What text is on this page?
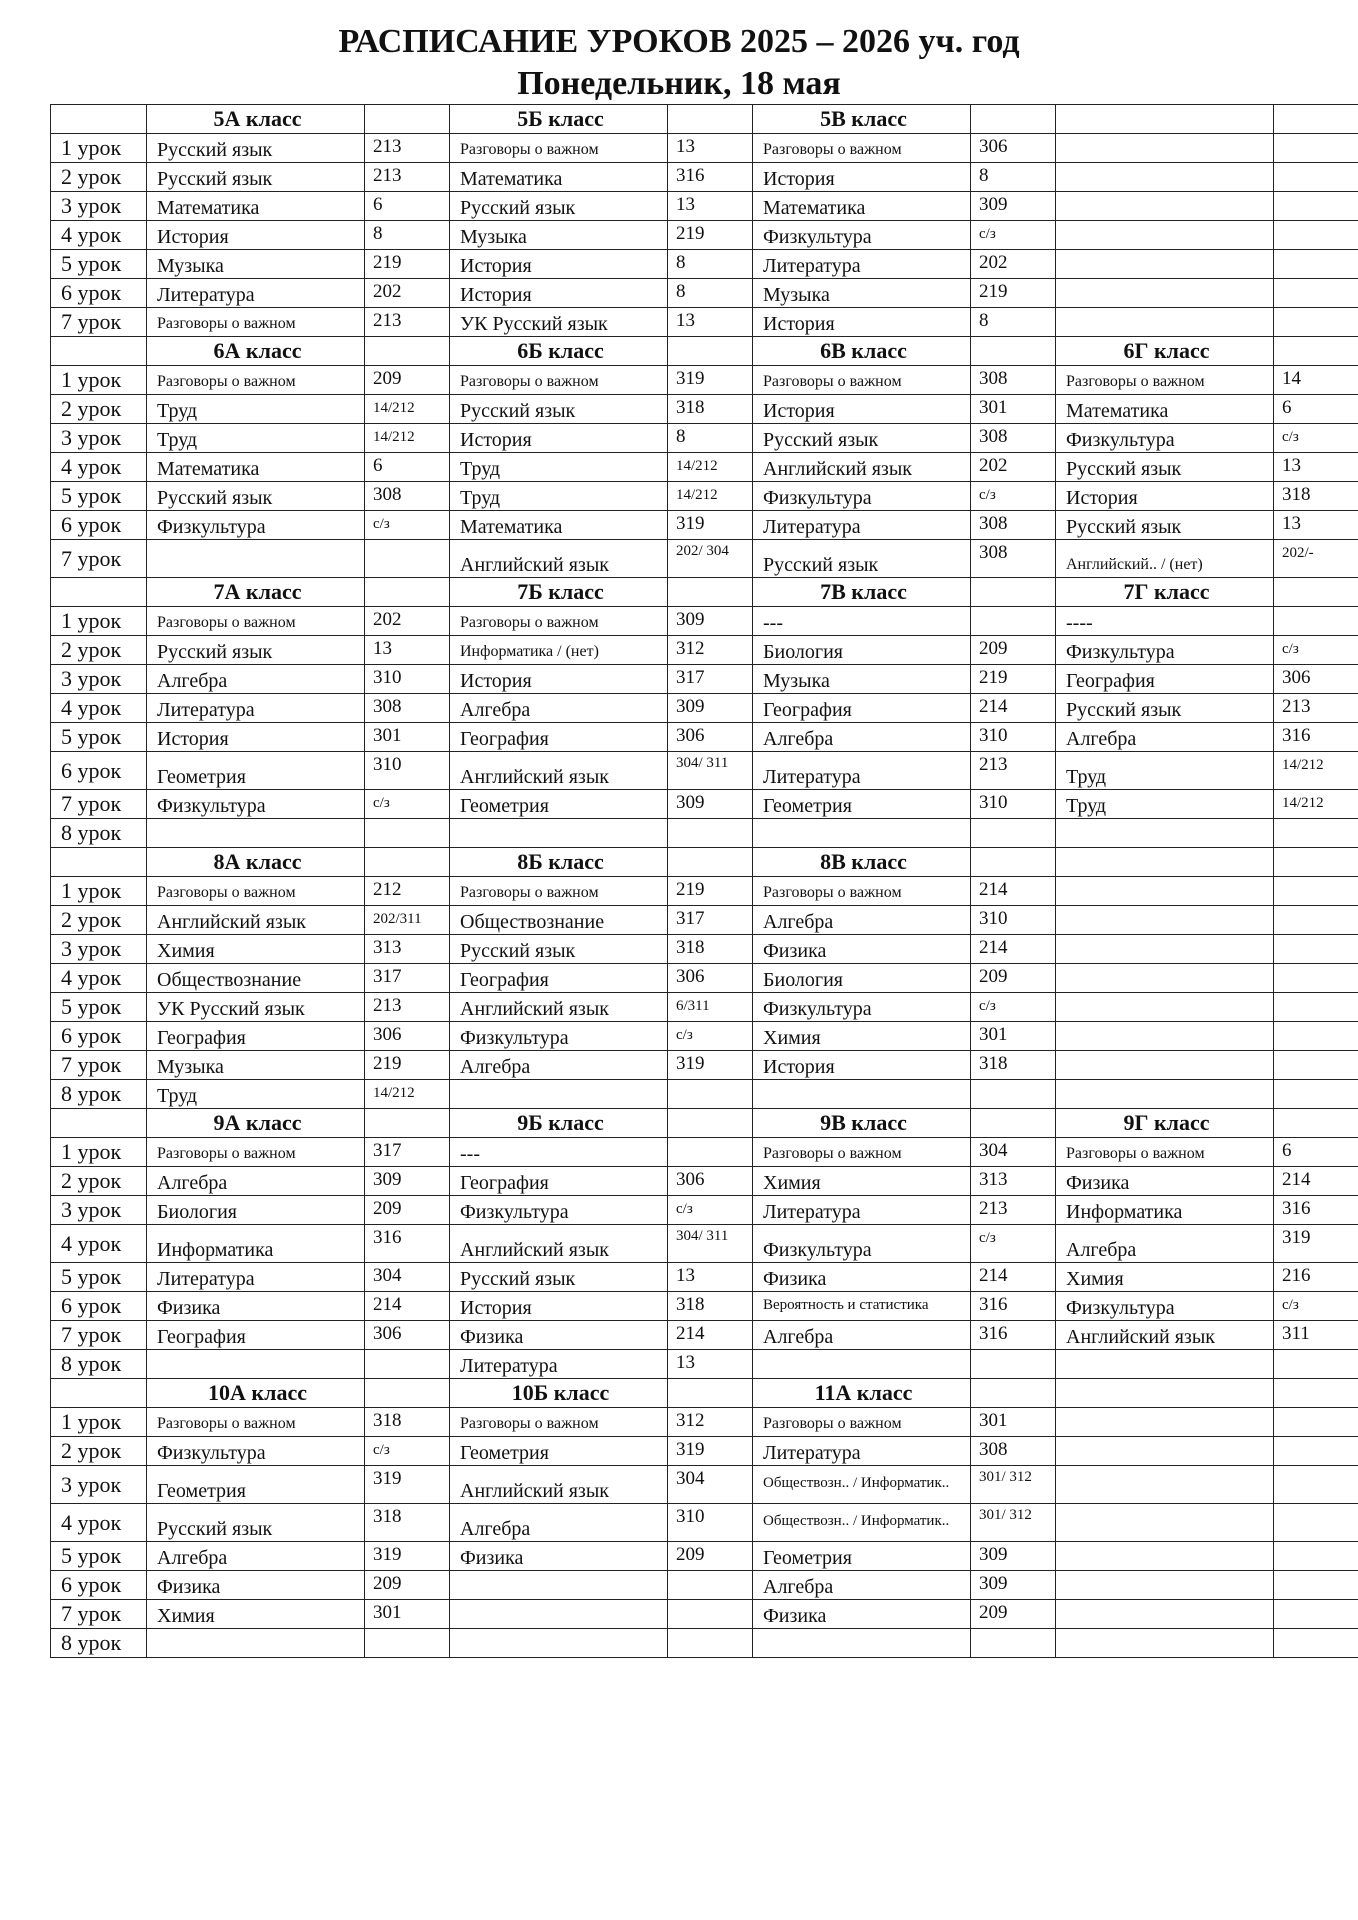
РАСПИСАНИЕ УРОКОВ 2025 – 2026 уч. год
Понедельник, 18 мая
	5А класс		5Б класс		5В класс			
1 урок	Русский язык	213	Разговоры о важном	13	Разговоры о важном	306		
2 урок	Русский язык	213	Математика	316	История	8		
3 урок	Математика	6	Русский язык	13	Математика	309		
4 урок	История	8	Музыка	219	Физкультура	с/з		
5 урок	Музыка	219	История	8	Литература	202		
6 урок	Литература	202	История	8	Музыка	219		
7 урок	Разговоры о важном	213	УК Русский язык	13	История	8		
	6А класс		6Б класс		6В класс		6Г класс	
1 урок	Разговоры о важном	209	Разговоры о важном	319	Разговоры о важном	308	Разговоры о важном	14
2 урок	Труд	14/212	Русский язык	318	История	301	Математика	6
3 урок	Труд	14/212	История	8	Русский язык	308	Физкультура	с/з
4 урок	Математика	6	Труд	14/212	Английский язык	202	Русский язык	13
5 урок	Русский язык	308	Труд	14/212	Физкультура	с/з	История	318
6 урок	Физкультура	с/з	Математика	319	Литература	308	Русский язык	13
7 урок			Английский язык	202/ 304	Русский язык	308	Английский.. / (нет)	202/-
	7А класс		7Б класс		7В класс		7Г класс	
1 урок	Разговоры о важном	202	Разговоры о важном	309	---		----	
2 урок	Русский язык	13	Информатика / (нет)	312	Биология	209	Физкультура	с/з
3 урок	Алгебра	310	История	317	Музыка	219	География	306
4 урок	Литература	308	Алгебра	309	География	214	Русский язык	213
5 урок	История	301	География	306	Алгебра	310	Алгебра	316
6 урок	Геометрия	310	Английский язык	304/ 311	Литература	213	Труд	14/212
7 урок	Физкультура	с/з	Геометрия	309	Геометрия	310	Труд	14/212
8 урок								
	8А класс		8Б класс		8В класс			
1 урок	Разговоры о важном	212	Разговоры о важном	219	Разговоры о важном	214		
2 урок	Английский язык	202/311	Обществознание	317	Алгебра	310		
3 урок	Химия	313	Русский язык	318	Физика	214		
4 урок	Обществознание	317	География	306	Биология	209		
5 урок	УК Русский язык	213	Английский язык	6/311	Физкультура	с/з		
6 урок	География	306	Физкультура	с/з	Химия	301		
7 урок	Музыка	219	Алгебра	319	История	318		
8 урок	Труд	14/212						
	9А класс		9Б класс		9В класс		9Г класс	
1 урок	Разговоры о важном	317	---		Разговоры о важном	304	Разговоры о важном	6
2 урок	Алгебра	309	География	306	Химия	313	Физика	214
3 урок	Биология	209	Физкультура	с/з	Литература	213	Информатика	316
4 урок	Информатика	316	Английский язык	304/ 311	Физкультура	с/з	Алгебра	319
5 урок	Литература	304	Русский язык	13	Физика	214	Химия	216
6 урок	Физика	214	История	318	Вероятность и статистика	316	Физкультура	с/з
7 урок	География	306	Физика	214	Алгебра	316	Английский язык	311
8 урок			Литература	13				
	10А класс		10Б класс		11А класс			
1 урок	Разговоры о важном	318	Разговоры о важном	312	Разговоры о важном	301		
2 урок	Физкультура	с/з	Геометрия	319	Литература	308		
3 урок	Геометрия	319	Английский язык	304	Обществозн.. / Информатик..	301/ 312		
4 урок	Русский язык	318	Алгебра	310	Обществозн.. / Информатик..	301/ 312		
5 урок	Алгебра	319	Физика	209	Геометрия	309		
6 урок	Физика	209			Алгебра	309		
7 урок	Химия	301			Физика	209		
8 урок								
